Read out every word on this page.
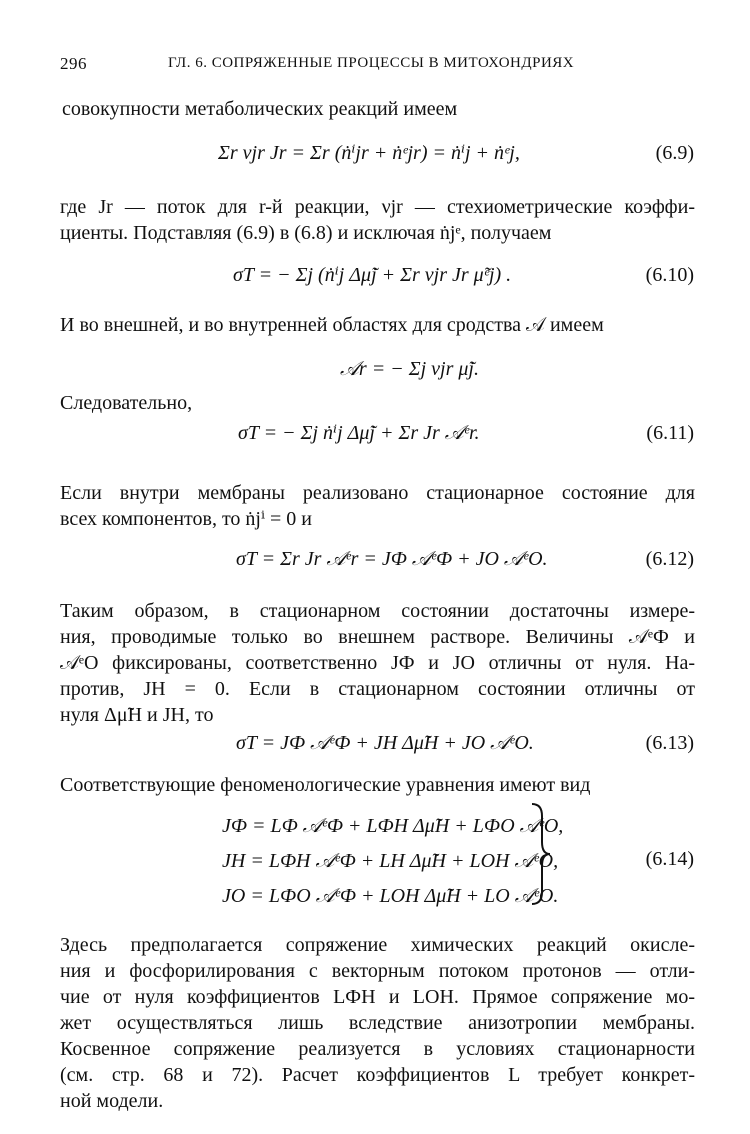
296	ГЛ. 6. СОПРЯЖЕННЫЕ ПРОЦЕССЫ В МИТОХОНДРИЯХ
совокупности метаболических реакций имеем
Σr νjr Jr = Σr (ṅⁱjr + ṅᵉjr) = ṅⁱj + ṅᵉj,	(6.9)
где Jr — поток для r-й реакции, νjr — стехиометрические коэффи-
циенты. Подставляя (6.9) в (6.8) и исключая ṅjᵉ, получаем
σT = − Σj (ṅⁱj Δμ̃j + Σr νjr Jr μ̃ᵉj) .	(6.10)
И во внешней, и во внутренней областях для сродства 𝒜 имеем
𝒜r = − Σj νjr μ̃j.
Следовательно,
σT = − Σj ṅⁱj Δμ̃j + Σr Jr 𝒜ᵉr.	(6.11)
Если внутри мембраны реализовано стационарное состояние для
всех компонентов, то ṅjⁱ = 0 и
σT = Σr Jr 𝒜ᵉr = JФ 𝒜ᵉФ + JО 𝒜ᵉО.	(6.12)
Таким образом, в стационарном состоянии достаточны измере-
ния, проводимые только во внешнем растворе. Величины 𝒜ᵉФ и
𝒜ᵉО фиксированы, соответственно JФ и JО отличны от нуля. На-
против, JН = 0. Если в стационарном состоянии отличны от
нуля Δμ̃Н и JН, то
σT = JФ 𝒜ᵉФ + JН Δμ̃Н + JО 𝒜ᵉО.	(6.13)
Соответствующие феноменологические уравнения имеют вид
JФ = LФ 𝒜ᵉФ + LФН Δμ̃Н + LФО 𝒜ᵉО,
JН = LФН 𝒜ᵉФ + LН Δμ̃Н + LОН 𝒜ᵉО,
JО = LФО 𝒜ᵉФ + LОН Δμ̃Н + LО 𝒜ᵉО.
(6.14)
Здесь предполагается сопряжение химических реакций окисле-
ния и фосфорилирования с векторным потоком протонов — отли-
чие от нуля коэффициентов LФН и LОН. Прямое сопряжение мо-
жет осуществляться лишь вследствие анизотропии мембраны.
Косвенное сопряжение реализуется в условиях стационарности
(см. стр. 68 и 72). Расчет коэффициентов L требует конкрет-
ной модели.
